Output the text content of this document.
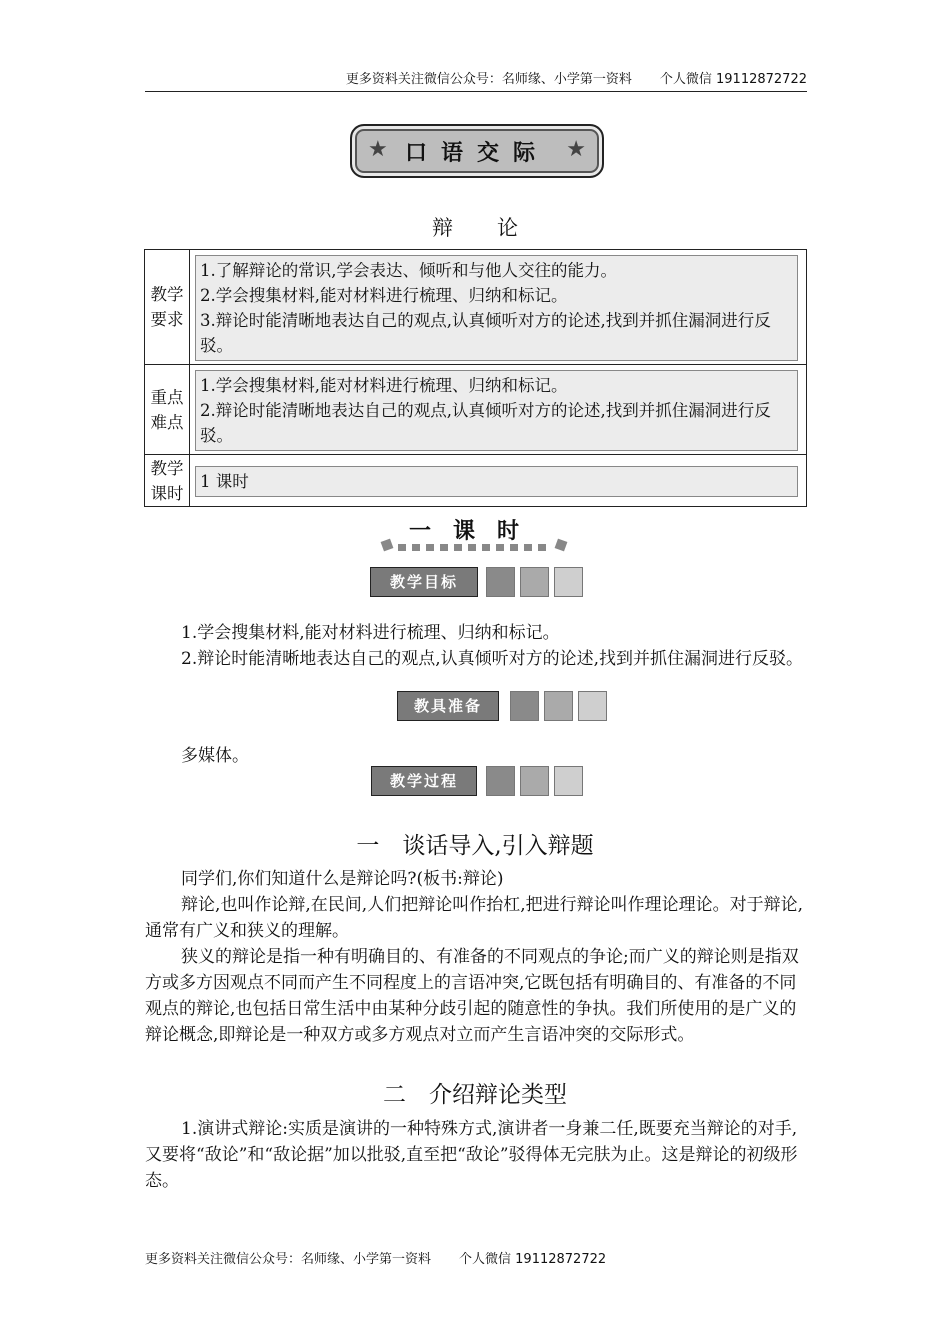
更多资料关注微信公众号：名师缘、小学第一资料 个人微信 19112872722
★ 口语交际 ★
辩 论
教学要求	1.了解辩论的常识,学会表达、倾听和与他人交往的能力。
2.学会搜集材料,能对材料进行梳理、归纳和标记。
3.辩论时能清晰地表达自己的观点,认真倾听对方的论述,找到并抓住漏洞进行反驳。

重点难点	1.学会搜集材料,能对材料进行梳理、归纳和标记。
2.辩论时能清晰地表达自己的观点,认真倾听对方的论述,找到并抓住漏洞进行反驳。

教学课时	1 课时
一课时
教学目标
1.学会搜集材料,能对材料进行梳理、归纳和标记。
2.辩论时能清晰地表达自己的观点,认真倾听对方的论述,找到并抓住漏洞进行反驳。
教具准备
多媒体。
教学过程
一　谈话导入,引入辩题
同学们,你们知道什么是辩论吗?(板书:辩论)
辩论,也叫作论辩,在民间,人们把辩论叫作抬杠,把进行辩论叫作理论理论。对于辩论,通常有广义和狭义的理解。
狭义的辩论是指一种有明确目的、有准备的不同观点的争论;而广义的辩论则是指双方或多方因观点不同而产生不同程度上的言语冲突,它既包括有明确目的、有准备的不同观点的辩论,也包括日常生活中由某种分歧引起的随意性的争执。我们所使用的是广义的辩论概念,即辩论是一种双方或多方观点对立而产生言语冲突的交际形式。
二　介绍辩论类型
1.演讲式辩论:实质是演讲的一种特殊方式,演讲者一身兼二任,既要充当辩论的对手,又要将“敌论”和“敌论据”加以批驳,直至把“敌论”驳得体无完肤为止。这是辩论的初级形态。
更多资料关注微信公众号：名师缘、小学第一资料 个人微信 19112872722
